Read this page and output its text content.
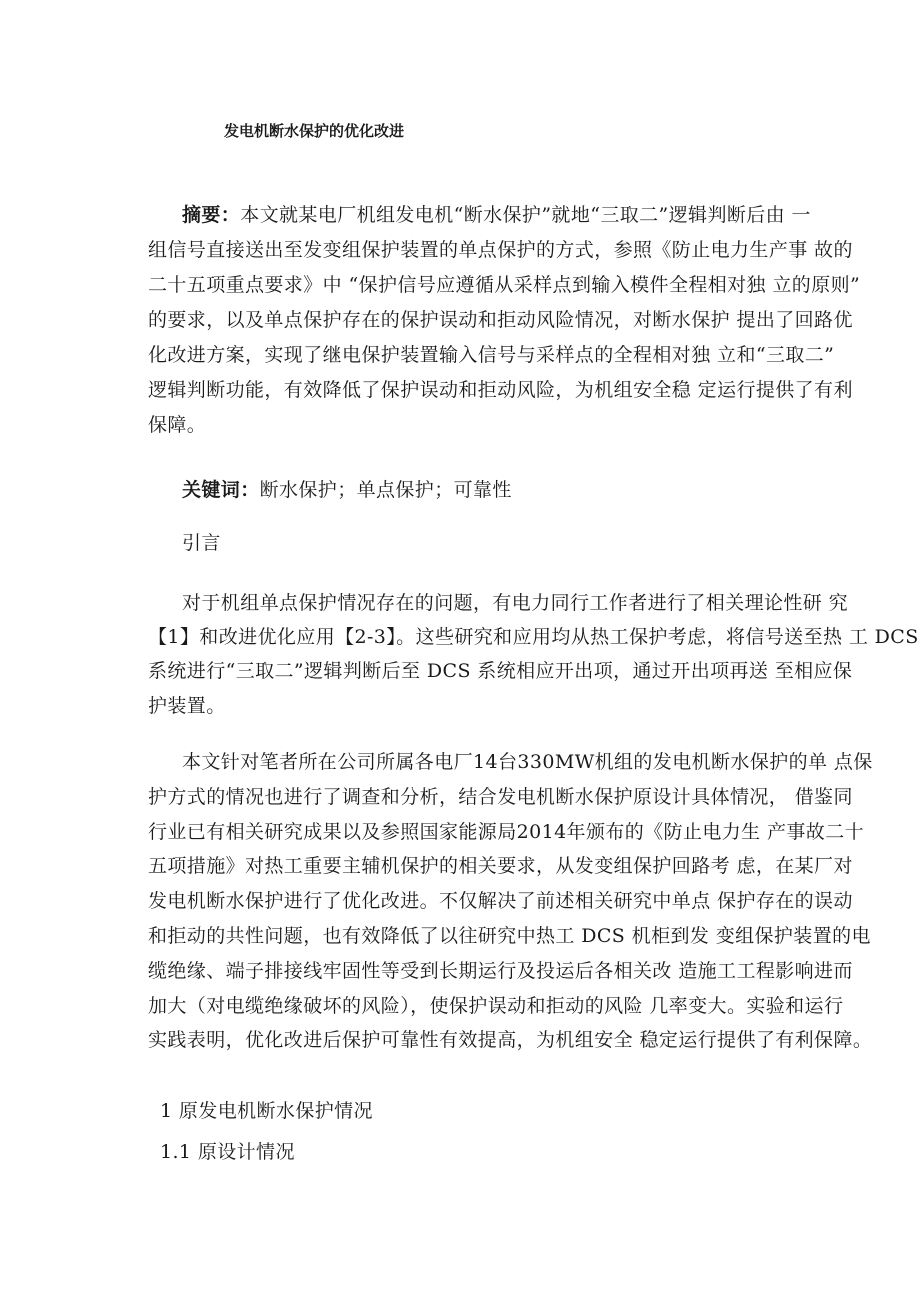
发电机断水保护的优化改进
摘要：本文就某电厂机组发电机“断水保护”就地“三取二”逻辑判断后由 一
组信号直接送出至发变组保护装置的单点保护的方式，参照《防止电力生产事 故的
二十五项重点要求》中 “保护信号应遵循从采样点到输入模件全程相对独 立的原则”
的要求，以及单点保护存在的保护误动和拒动风险情况，对断水保护 提出了回路优
化改进方案，实现了继电保护装置输入信号与采样点的全程相对独 立和“三取二”
逻辑判断功能，有效降低了保护误动和拒动风险，为机组安全稳 定运行提供了有利
保障。
关键词：断水保护；单点保护；可靠性
引言
对于机组单点保护情况存在的问题，有电力同行工作者进行了相关理论性研 究
【1】和改进优化应用【2-3】。这些研究和应用均从热工保护考虑，将信号送至热 工 DCS
系统进行“三取二”逻辑判断后至 DCS 系统相应开出项，通过开出项再送 至相应保
护装置。
本文针对笔者所在公司所属各电厂14台330MW机组的发电机断水保护的单 点保
护方式的情况也进行了调查和分析，结合发电机断水保护原设计具体情况， 借鉴同
行业已有相关研究成果以及参照国家能源局2014年颁布的《防止电力生 产事故二十
五项措施》对热工重要主辅机保护的相关要求，从发变组保护回路考 虑，在某厂对
发电机断水保护进行了优化改进。不仅解决了前述相关研究中单点 保护存在的误动
和拒动的共性问题，也有效降低了以往研究中热工 DCS 机柜到发 变组保护装置的电
缆绝缘、端子排接线牢固性等受到长期运行及投运后各相关改 造施工工程影响进而
加大（对电缆绝缘破坏的风险），使保护误动和拒动的风险 几率变大。实验和运行
实践表明，优化改进后保护可靠性有效提高，为机组安全 稳定运行提供了有利保障。
1 原发电机断水保护情况
1.1 原设计情况
